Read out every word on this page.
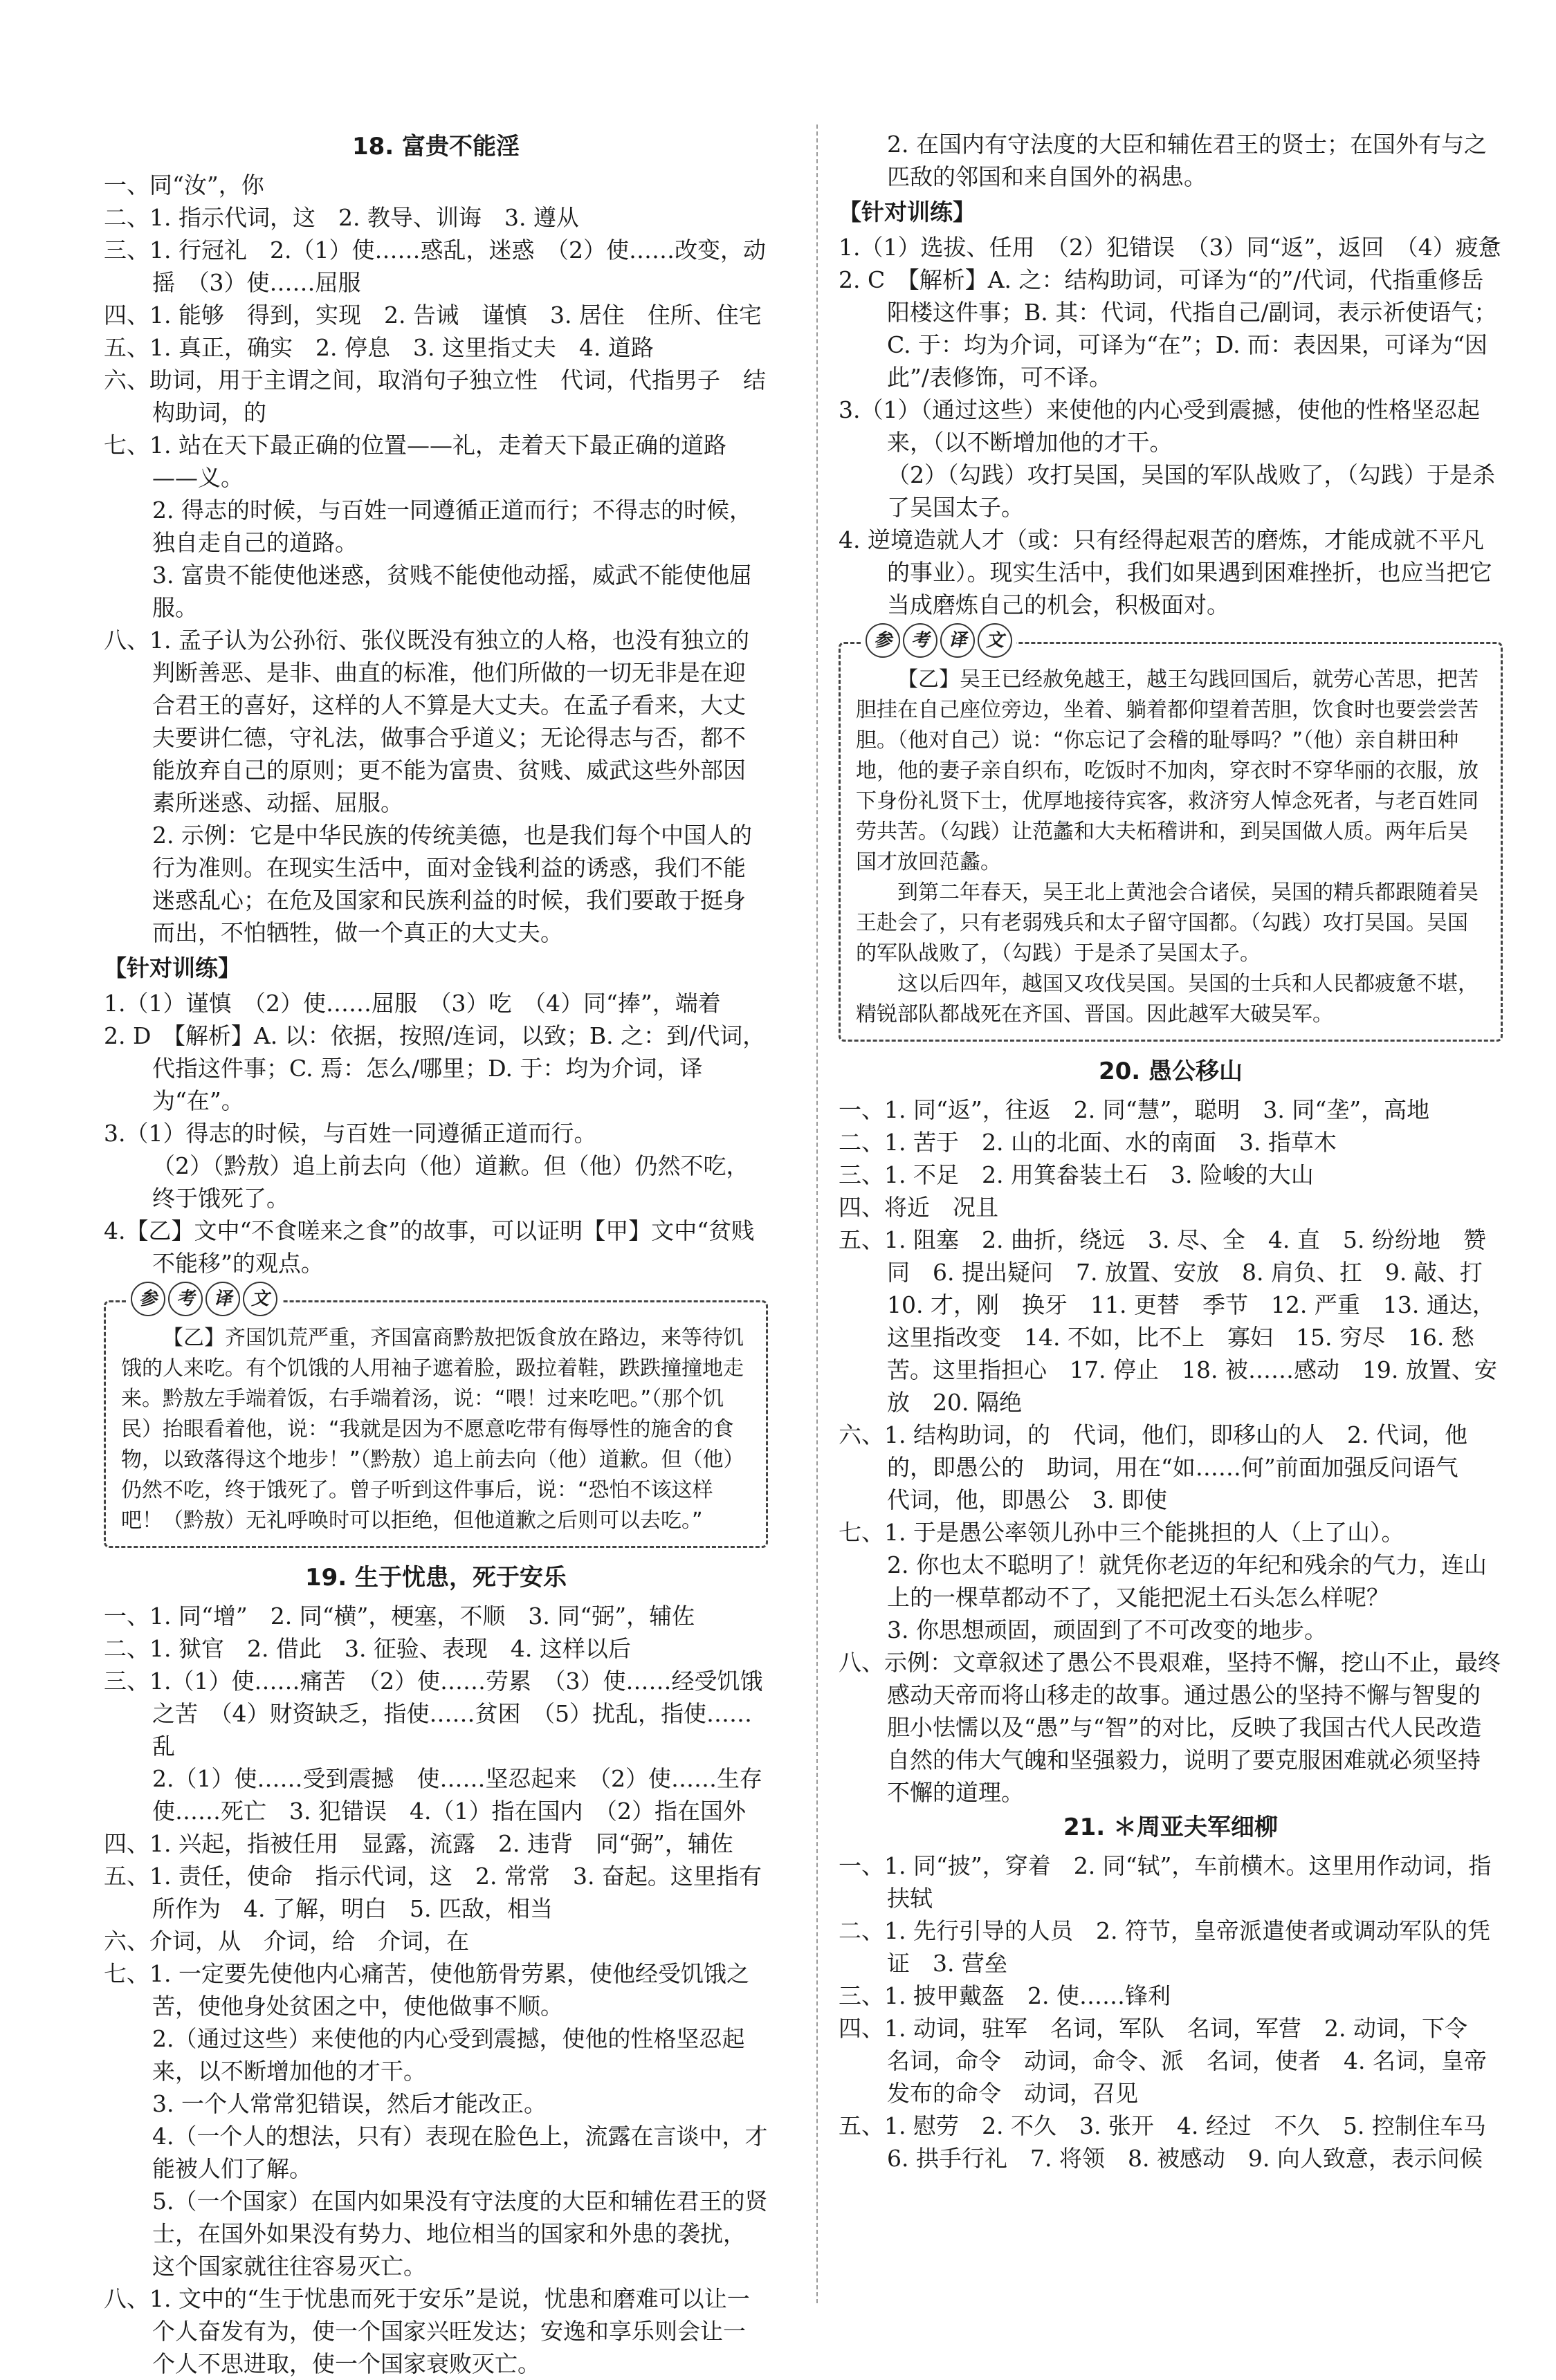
18. 富贵不能淫
一、同“汝”，你
二、1. 指示代词，这　2. 教导、训诲　3. 遵从
三、1. 行冠礼　2.（1）使……惑乱，迷惑　（2）使……改变，动摇　（3）使……屈服
四、1. 能够　得到，实现　2. 告诫　谨慎　3. 居住　住所、住宅
五、1. 真正，确实　2. 停息　3. 这里指丈夫　4. 道路
六、助词，用于主谓之间，取消句子独立性　代词，代指男子　结构助词，的
七、1. 站在天下最正确的位置——礼，走着天下最正确的道路——义。
2. 得志的时候，与百姓一同遵循正道而行；不得志的时候，独自走自己的道路。
3. 富贵不能使他迷惑，贫贱不能使他动摇，威武不能使他屈服。
八、1. 孟子认为公孙衍、张仪既没有独立的人格，也没有独立的判断善恶、是非、曲直的标准，他们所做的一切无非是在迎合君王的喜好，这样的人不算是大丈夫。在孟子看来，大丈夫要讲仁德，守礼法，做事合乎道义；无论得志与否，都不能放弃自己的原则；更不能为富贵、贫贱、威武这些外部因素所迷惑、动摇、屈服。
2. 示例：它是中华民族的传统美德，也是我们每个中国人的行为准则。在现实生活中，面对金钱利益的诱惑，我们不能迷惑乱心；在危及国家和民族利益的时候，我们要敢于挺身而出，不怕牺牲，做一个真正的大丈夫。
【针对训练】
1.（1）谨慎　（2）使……屈服　（3）吃　（4）同“捧”，端着
2. D　【解析】A. 以：依据，按照/连词，以致；B. 之：到/代词，代指这件事；C. 焉：怎么/哪里；D. 于：均为介词，译为“在”。
3.（1）得志的时候，与百姓一同遵循正道而行。
（2）（黔敖）追上前去向（他）道歉。但（他）仍然不吃，终于饿死了。
4.【乙】文中“不食嗟来之食”的故事，可以证明【甲】文中“贫贱不能移”的观点。
参	考	译	文

【乙】齐国饥荒严重，齐国富商黔敖把饭食放在路边，来等待饥饿的人来吃。有个饥饿的人用袖子遮着脸，趿拉着鞋，跌跌撞撞地走来。黔敖左手端着饭，右手端着汤，说：“喂！过来吃吧。”（那个饥民）抬眼看着他，说：“我就是因为不愿意吃带有侮辱性的施舍的食物，以致落得这个地步！”（黔敖）追上前去向（他）道歉。但（他）仍然不吃，终于饿死了。曾子听到这件事后，说：“恐怕不该这样吧！（黔敖）无礼呼唤时可以拒绝，但他道歉之后则可以去吃。”

19. 生于忧患，死于安乐
一、1. 同“增”　2. 同“横”，梗塞，不顺　3. 同“弼”，辅佐
二、1. 狱官　2. 借此　3. 征验、表现　4. 这样以后
三、1.（1）使……痛苦　（2）使……劳累　（3）使……经受饥饿之苦　（4）财资缺乏，指使……贫困　（5）扰乱，指使……乱
2.（1）使……受到震撼　使……坚忍起来　（2）使……生存　使……死亡　3. 犯错误　4.（1）指在国内　（2）指在国外
四、1. 兴起，指被任用　显露，流露　2. 违背　同“弼”，辅佐
五、1. 责任，使命　指示代词，这　2. 常常　3. 奋起。这里指有所作为　4. 了解，明白　5. 匹敌，相当
六、介词，从　介词，给　介词，在
七、1. 一定要先使他内心痛苦，使他筋骨劳累，使他经受饥饿之苦，使他身处贫困之中，使他做事不顺。
2.（通过这些）来使他的内心受到震撼，使他的性格坚忍起来，以不断增加他的才干。
3. 一个人常常犯错误，然后才能改正。
4.（一个人的想法，只有）表现在脸色上，流露在言谈中，才能被人们了解。
5.（一个国家）在国内如果没有守法度的大臣和辅佐君王的贤士，在国外如果没有势力、地位相当的国家和外患的袭扰，这个国家就往往容易灭亡。
八、1. 文中的“生于忧患而死于安乐”是说，忧患和磨难可以让一个人奋发有为，使一个国家兴旺发达；安逸和享乐则会让一个人不思进取，使一个国家衰败灭亡。
2. 在国内有守法度的大臣和辅佐君王的贤士；在国外有与之匹敌的邻国和来自国外的祸患。
【针对训练】
1.（1）选拔、任用　（2）犯错误　（3）同“返”，返回　（4）疲惫
2. C　【解析】A. 之：结构助词，可译为“的”/代词，代指重修岳阳楼这件事；B. 其：代词，代指自己/副词，表示祈使语气；C. 于：均为介词，可译为“在”；D. 而：表因果，可译为“因此”/表修饰，可不译。
3.（1）（通过这些）来使他的内心受到震撼，使他的性格坚忍起来，（以不断增加他的才干。
（2）（勾践）攻打吴国，吴国的军队战败了，（勾践）于是杀了吴国太子。
4. 逆境造就人才（或：只有经得起艰苦的磨炼，才能成就不平凡的事业）。现实生活中，我们如果遇到困难挫折，也应当把它当成磨炼自己的机会，积极面对。
参	考	译	文

【乙】吴王已经赦免越王，越王勾践回国后，就劳心苦思，把苦胆挂在自己座位旁边，坐着、躺着都仰望着苦胆，饮食时也要尝尝苦胆。（他对自己）说：“你忘记了会稽的耻辱吗？”（他）亲自耕田种地，他的妻子亲自织布，吃饭时不加肉，穿衣时不穿华丽的衣服，放下身份礼贤下士，优厚地接待宾客，救济穷人悼念死者，与老百姓同劳共苦。（勾践）让范蠡和大夫柘稽讲和，到吴国做人质。两年后吴国才放回范蠡。

到第二年春天，吴王北上黄池会合诸侯，吴国的精兵都跟随着吴王赴会了，只有老弱残兵和太子留守国都。（勾践）攻打吴国。吴国的军队战败了，（勾践）于是杀了吴国太子。

这以后四年，越国又攻伐吴国。吴国的士兵和人民都疲惫不堪，精锐部队都战死在齐国、晋国。因此越军大破吴军。

20. 愚公移山
一、1. 同“返”，往返　2. 同“慧”，聪明　3. 同“垄”，高地
二、1. 苦于　2. 山的北面、水的南面　3. 指草木
三、1. 不足　2. 用箕畚装土石　3. 险峻的大山
四、将近　况且
五、1. 阻塞　2. 曲折，绕远　3. 尽、全　4. 直　5. 纷纷地　赞同　6. 提出疑问　7. 放置、安放　8. 肩负、扛　9. 敲、打　10. 才，刚　换牙　11. 更替　季节　12. 严重　13. 通达，这里指改变　14. 不如，比不上　寡妇　15. 穷尽　16. 愁苦。这里指担心　17. 停止　18. 被……感动　19. 放置、安放　20. 隔绝
六、1. 结构助词，的　代词，他们，即移山的人　2. 代词，他的，即愚公的　助词，用在“如……何”前面加强反问语气　代词，他，即愚公　3. 即使
七、1. 于是愚公率领儿孙中三个能挑担的人（上了山）。
2. 你也太不聪明了！就凭你老迈的年纪和残余的气力，连山上的一棵草都动不了，又能把泥土石头怎么样呢？
3. 你思想顽固，顽固到了不可改变的地步。
八、示例：文章叙述了愚公不畏艰难，坚持不懈，挖山不止，最终感动天帝而将山移走的故事。通过愚公的坚持不懈与智叟的胆小怯懦以及“愚”与“智”的对比，反映了我国古代人民改造自然的伟大气魄和坚强毅力，说明了要克服困难就必须坚持不懈的道理。
21. ＊周亚夫军细柳
一、1. 同“披”，穿着　2. 同“轼”，车前横木。这里用作动词，指扶轼
二、1. 先行引导的人员　2. 符节，皇帝派遣使者或调动军队的凭证　3. 营垒
三、1. 披甲戴盔　2. 使……锋利
四、1. 动词，驻军　名词，军队　名词，军营　2. 动词，下令　名词，命令　动词，命令、派　名词，使者　4. 名词，皇帝发布的命令　动词，召见
五、1. 慰劳　2. 不久　3. 张开　4. 经过　不久　5. 控制住车马　6. 拱手行礼　7. 将领　8. 被感动　9. 向人致意，表示问候
